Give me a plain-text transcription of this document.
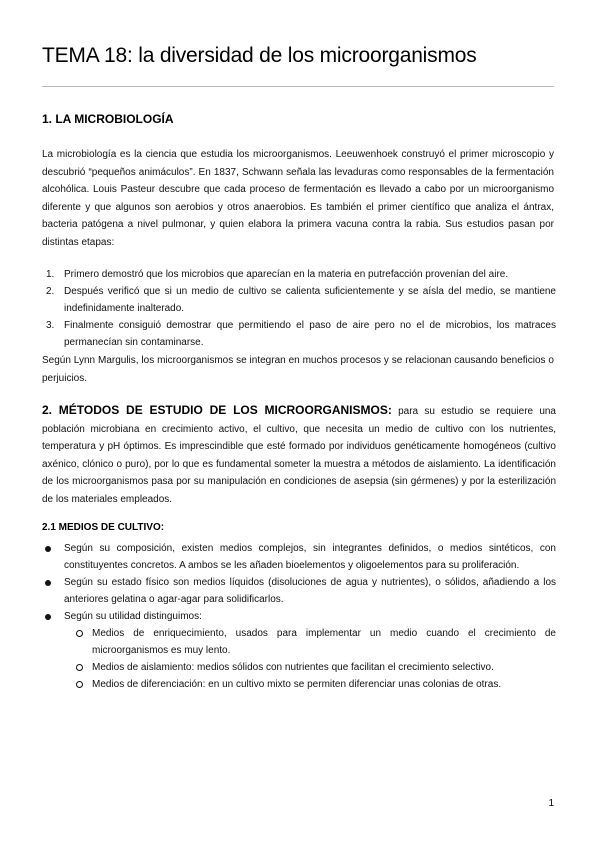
TEMA 18: la diversidad de los microorganismos
1. LA MICROBIOLOGÍA

La microbiología es la ciencia que estudia los microorganismos. Leeuwenhoek construyó el primer microscopio y descubrió “pequeños animáculos”. En 1837, Schwann señala las levaduras como responsables de la fermentación alcohólica. Louis Pasteur descubre que cada proceso de fermentación es llevado a cabo por un microorganismo diferente y que algunos son aerobios y otros anaerobios. Es también el primer científico que analiza el ántrax, bacteria patógena a nivel pulmonar, y quien elabora la primera vacuna contra la rabia. Sus estudios pasan por distintas etapas:

1. Primero demostró que los microbios que aparecían en la materia en putrefacción provenían del aire.
2. Después verificó que si un medio de cultivo se calienta suficientemente y se aísla del medio, se mantiene indefinidamente inalterado.
3. Finalmente consiguió demostrar que permitiendo el paso de aire pero no el de microbios, los matraces permanecían sin contaminarse.

Según Lynn Margulis, los microorganismos se integran en muchos procesos y se relacionan causando beneficios o perjuicios.

2. MÉTODOS DE ESTUDIO DE LOS MICROORGANISMOS: para su estudio se requiere una población microbiana en crecimiento activo, el cultivo, que necesita un medio de cultivo con los nutrientes, temperatura y pH óptimos. Es imprescindible que esté formado por individuos genéticamente homogéneos (cultivo axénico, clónico o puro), por lo que es fundamental someter la muestra a métodos de aislamiento. La identificación de los microorganismos pasa por su manipulación en condiciones de asepsia (sin gérmenes) y por la esterilización de los materiales empleados.

2.1 MEDIOS DE CULTIVO:
Según su composición, existen medios complejos, sin integrantes definidos, o medios sintéticos, con constituyentes concretos. A ambos se les añaden bioelementos y oligoelementos para su proliferación.
Según su estado físico son medios líquidos (disoluciones de agua y nutrientes), o sólidos, añadiendo a los anteriores gelatina o agar-agar para solidificarlos.
Según su utilidad distinguimos:
Medios de enriquecimiento, usados para implementar un medio cuando el crecimiento de microorganismos es muy lento.
Medios de aislamiento: medios sólidos con nutrientes que facilitan el crecimiento selectivo.
Medios de diferenciación: en un cultivo mixto se permiten diferenciar unas colonias de otras.
1
